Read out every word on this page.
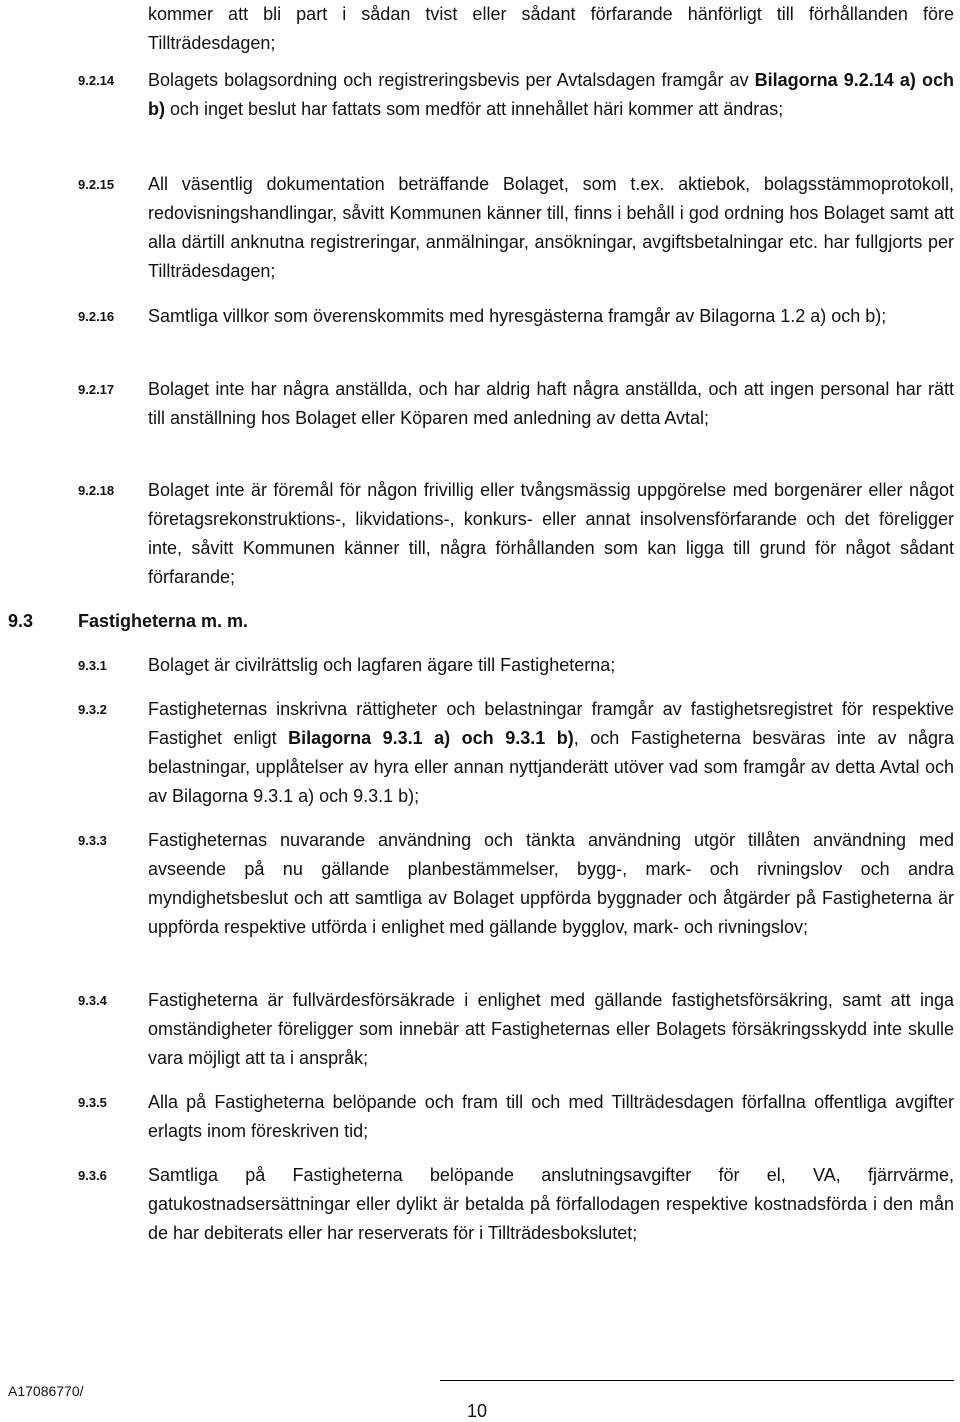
kommer att bli part i sådan tvist eller sådant förfarande hänförligt till förhållanden före Tillträdesdagen;
9.2.14	Bolagets bolagsordning och registreringsbevis per Avtalsdagen framgår av Bilagorna 9.2.14 a) och b) och inget beslut har fattats som medför att innehållet häri kommer att ändras;
9.2.15	All väsentlig dokumentation beträffande Bolaget, som t.ex. aktiebok, bolagsstämmoprotokoll, redovisningshandlingar, såvitt Kommunen känner till, finns i behåll i god ordning hos Bolaget samt att alla därtill anknutna registreringar, anmälningar, ansökningar, avgiftsbetalningar etc. har fullgjorts per Tillträdesdagen;
9.2.16	Samtliga villkor som överenskommits med hyresgästerna framgår av Bilagorna 1.2 a) och b);
9.2.17	Bolaget inte har några anställda, och har aldrig haft några anställda, och att ingen personal har rätt till anställning hos Bolaget eller Köparen med anledning av detta Avtal;
9.2.18	Bolaget inte är föremål för någon frivillig eller tvångsmässig uppgörelse med borgenärer eller något företagsrekonstruktions-, likvidations-, konkurs- eller annat insolvensförfarande och det föreligger inte, såvitt Kommunen känner till, några förhållanden som kan ligga till grund för något sådant förfarande;
9.3 Fastigheterna m. m.
9.3.1	Bolaget är civilrättslig och lagfaren ägare till Fastigheterna;
9.3.2	Fastigheternas inskrivna rättigheter och belastningar framgår av fastighetsregistret för respektive Fastighet enligt Bilagorna 9.3.1 a) och 9.3.1 b), och Fastigheterna besväras inte av några belastningar, upplåtelser av hyra eller annan nyttjanderätt utöver vad som framgår av detta Avtal och av Bilagorna 9.3.1 a) och 9.3.1 b);
9.3.3	Fastigheternas nuvarande användning och tänkta användning utgör tillåten användning med avseende på nu gällande planbestämmelser, bygg-, mark- och rivningslov och andra myndighetsbeslut och att samtliga av Bolaget uppförda byggnader och åtgärder på Fastigheterna är uppförda respektive utförda i enlighet med gällande bygglov, mark- och rivningslov;
9.3.4	Fastigheterna är fullvärdesförsäkrade i enlighet med gällande fastighetsförsäkring, samt att inga omständigheter föreligger som innebär att Fastigheternas eller Bolagets försäkringsskydd inte skulle vara möjligt att ta i anspråk;
9.3.5	Alla på Fastigheterna belöpande och fram till och med Tillträdesdagen förfallna offentliga avgifter erlagts inom föreskriven tid;
9.3.6	Samtliga på Fastigheterna belöpande anslutningsavgifter för el, VA, fjärrvärme, gatukostnadsersättningar eller dylikt är betalda på förfallodagen respektive kostnadsförda i den mån de har debiterats eller har reserverats för i Tillträdesbokslutet;
A17086770/
10
